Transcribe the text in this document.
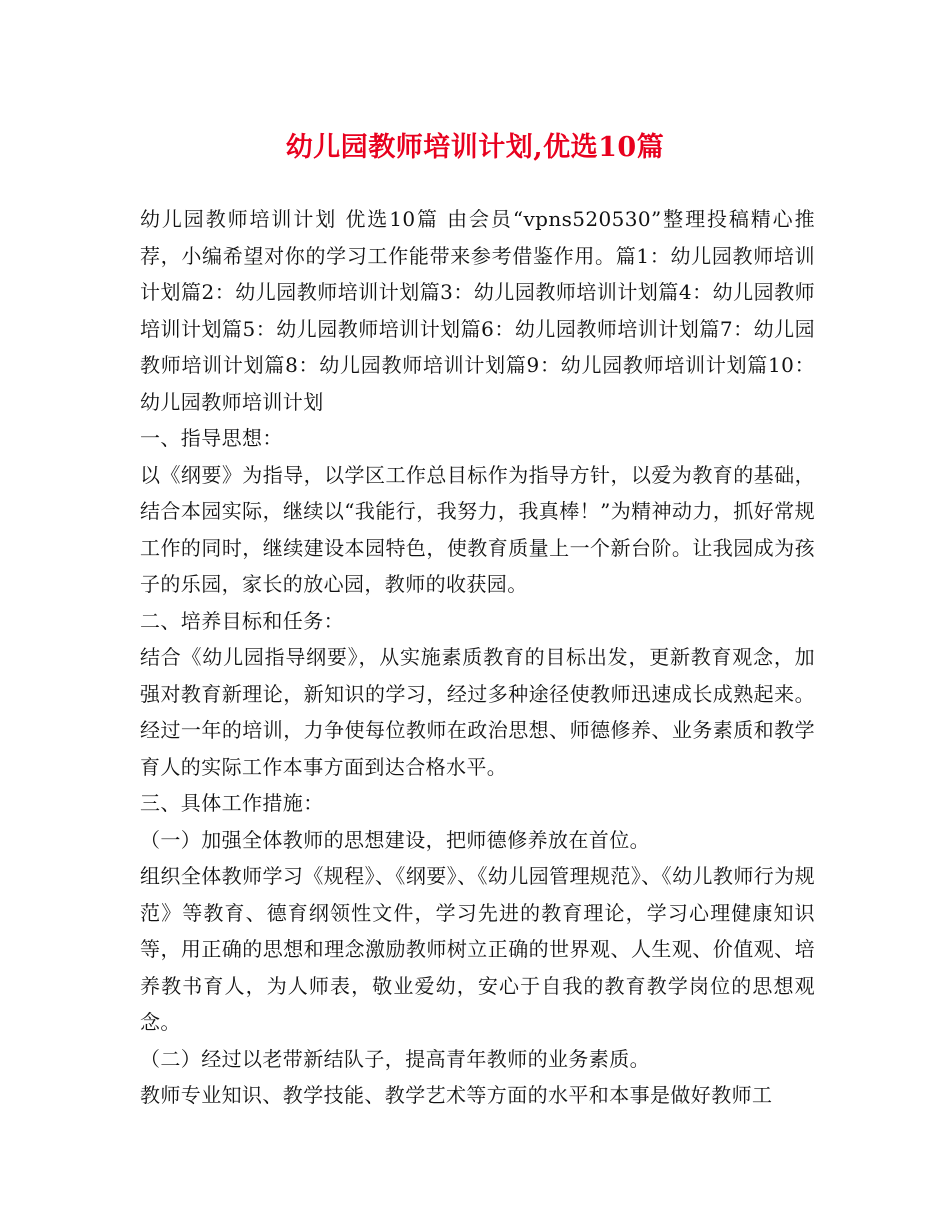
幼儿园教师培训计划,优选10篇

幼儿园教师培训计划 优选10篇 由会员“vpns520530”整理投稿精心推荐，小编希望对你的学习工作能带来参考借鉴作用。篇1：幼儿园教师培训计划篇2：幼儿园教师培训计划篇3：幼儿园教师培训计划篇4：幼儿园教师培训计划篇5：幼儿园教师培训计划篇6：幼儿园教师培训计划篇7：幼儿园教师培训计划篇8：幼儿园教师培训计划篇9：幼儿园教师培训计划篇10：幼儿园教师培训计划

一、指导思想：

以《纲要》为指导，以学区工作总目标作为指导方针，以爱为教育的基础，结合本园实际，继续以“我能行，我努力，我真棒！”为精神动力，抓好常规工作的同时，继续建设本园特色，使教育质量上一个新台阶。让我园成为孩子的乐园，家长的放心园，教师的收获园。

二、培养目标和任务：

结合《幼儿园指导纲要》，从实施素质教育的目标出发，更新教育观念，加强对教育新理论，新知识的学习，经过多种途径使教师迅速成长成熟起来。经过一年的培训，力争使每位教师在政治思想、师德修养、业务素质和教学育人的实际工作本事方面到达合格水平。

三、具体工作措施：

（一）加强全体教师的思想建设，把师德修养放在首位。

组织全体教师学习《规程》、《纲要》、《幼儿园管理规范》、《幼儿教师行为规范》等教育、德育纲领性文件，学习先进的教育理论，学习心理健康知识等，用正确的思想和理念激励教师树立正确的世界观、人生观、价值观、培养教书育人，为人师表，敬业爱幼，安心于自我的教育教学岗位的思想观念。

（二）经过以老带新结队子，提高青年教师的业务素质。

教师专业知识、教学技能、教学艺术等方面的水平和本事是做好教师工
